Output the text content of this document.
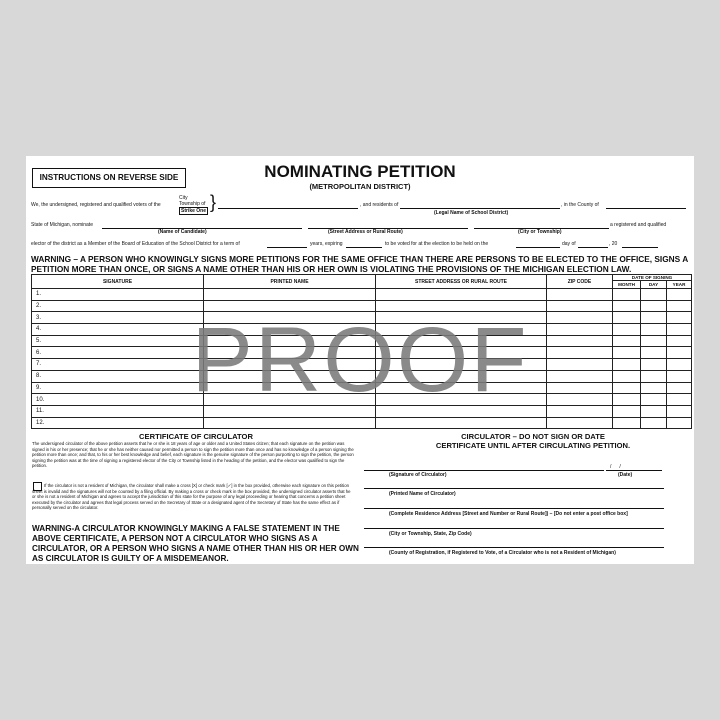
INSTRUCTIONS ON REVERSE SIDE	NOMINATING PETITION
(METROPOLITAN DISTRICT)
We, the undersigned, registered and qualified voters of the
City
Township of
Strike One }	, and residents of
(Legal Name of School District)
, in the County of
State of Michigan, nominate	a registered and qualified
(Name of Candidate)	(Street Address or Rural Route)	(City or Township)
elector of the district as a Member of the Board of Education of the School District for a term of	years, expiring	to be voted for at the election to be held on the	day of	, 20
WARNING – A PERSON WHO KNOWINGLY SIGNS MORE PETITIONS FOR THE SAME OFFICE THAN THERE ARE PERSONS TO BE ELECTED TO THE OFFICE, SIGNS A PETITION MORE THAN ONCE, OR SIGNS A NAME OTHER THAN HIS OR HER OWN IS VIOLATING THE PROVISIONS OF THE MICHIGAN ELECTION LAW.
SIGNATURE	PRINTED NAME	STREET ADDRESS OR RURAL ROUTE	ZIP CODE	DATE OF SIGNING		
				MONTH	DAY	YEAR
1.						
2.						
3.						
4.						
5.						
6.						
7.						
8.						
9.						
10.						
11.						
12.						
PROOF
CERTIFICATE OF CIRCULATOR
The undersigned circulator of the above petition asserts that he or she is 18 years of age or older and a United States citizen; that each signature on the petition was signed in his or her presence; that he or she has neither caused nor permitted a person to sign the petition more than once and has no knowledge of a person signing the petition more than once; and that, to his or her best knowledge and belief, each signature is the genuine signature of the person purporting to sign the petition, the person signing the petition was at the time of signing a registered elector of the City or Township listed in the heading of the petition, and the elector was qualified to sign the petition.
If the circulator is not a resident of Michigan, the circulator shall make a cross [X] or check mark [✓] in the box provided, otherwise each signature on this petition sheet is invalid and the signatures will not be counted by a filing official. By making a cross or check mark in the box provided, the undersigned circulator asserts that he or she is not a resident of Michigan and agrees to accept the jurisdiction of this state for the purpose of any legal proceeding or hearing that concerns a petition sheet executed by the circulator and agrees that legal process served on the Secretary of State or a designated agent of the Secretary of State has the same effect as if personally served on the circulator.
WARNING-A CIRCULATOR KNOWINGLY MAKING A FALSE STATEMENT IN THE ABOVE CERTIFICATE, A PERSON NOT A CIRCULATOR WHO SIGNS AS A CIRCULATOR, OR A PERSON WHO SIGNS A NAME OTHER THAN HIS OR HER OWN AS CIRCULATOR IS GUILTY OF A MISDEMEANOR.
CIRCULATOR – DO NOT SIGN OR DATE
CERTIFICATE UNTIL AFTER CIRCULATING PETITION.
//
(Signature of Circulator)	(Date)
(Printed Name of Circulator)
(Complete Residence Address [Street and Number or Rural Route]) – [Do not enter a post office box]
(City or Township, State, Zip Code)
(County of Registration, if Registered to Vote, of a Circulator who is not a Resident of Michigan)
